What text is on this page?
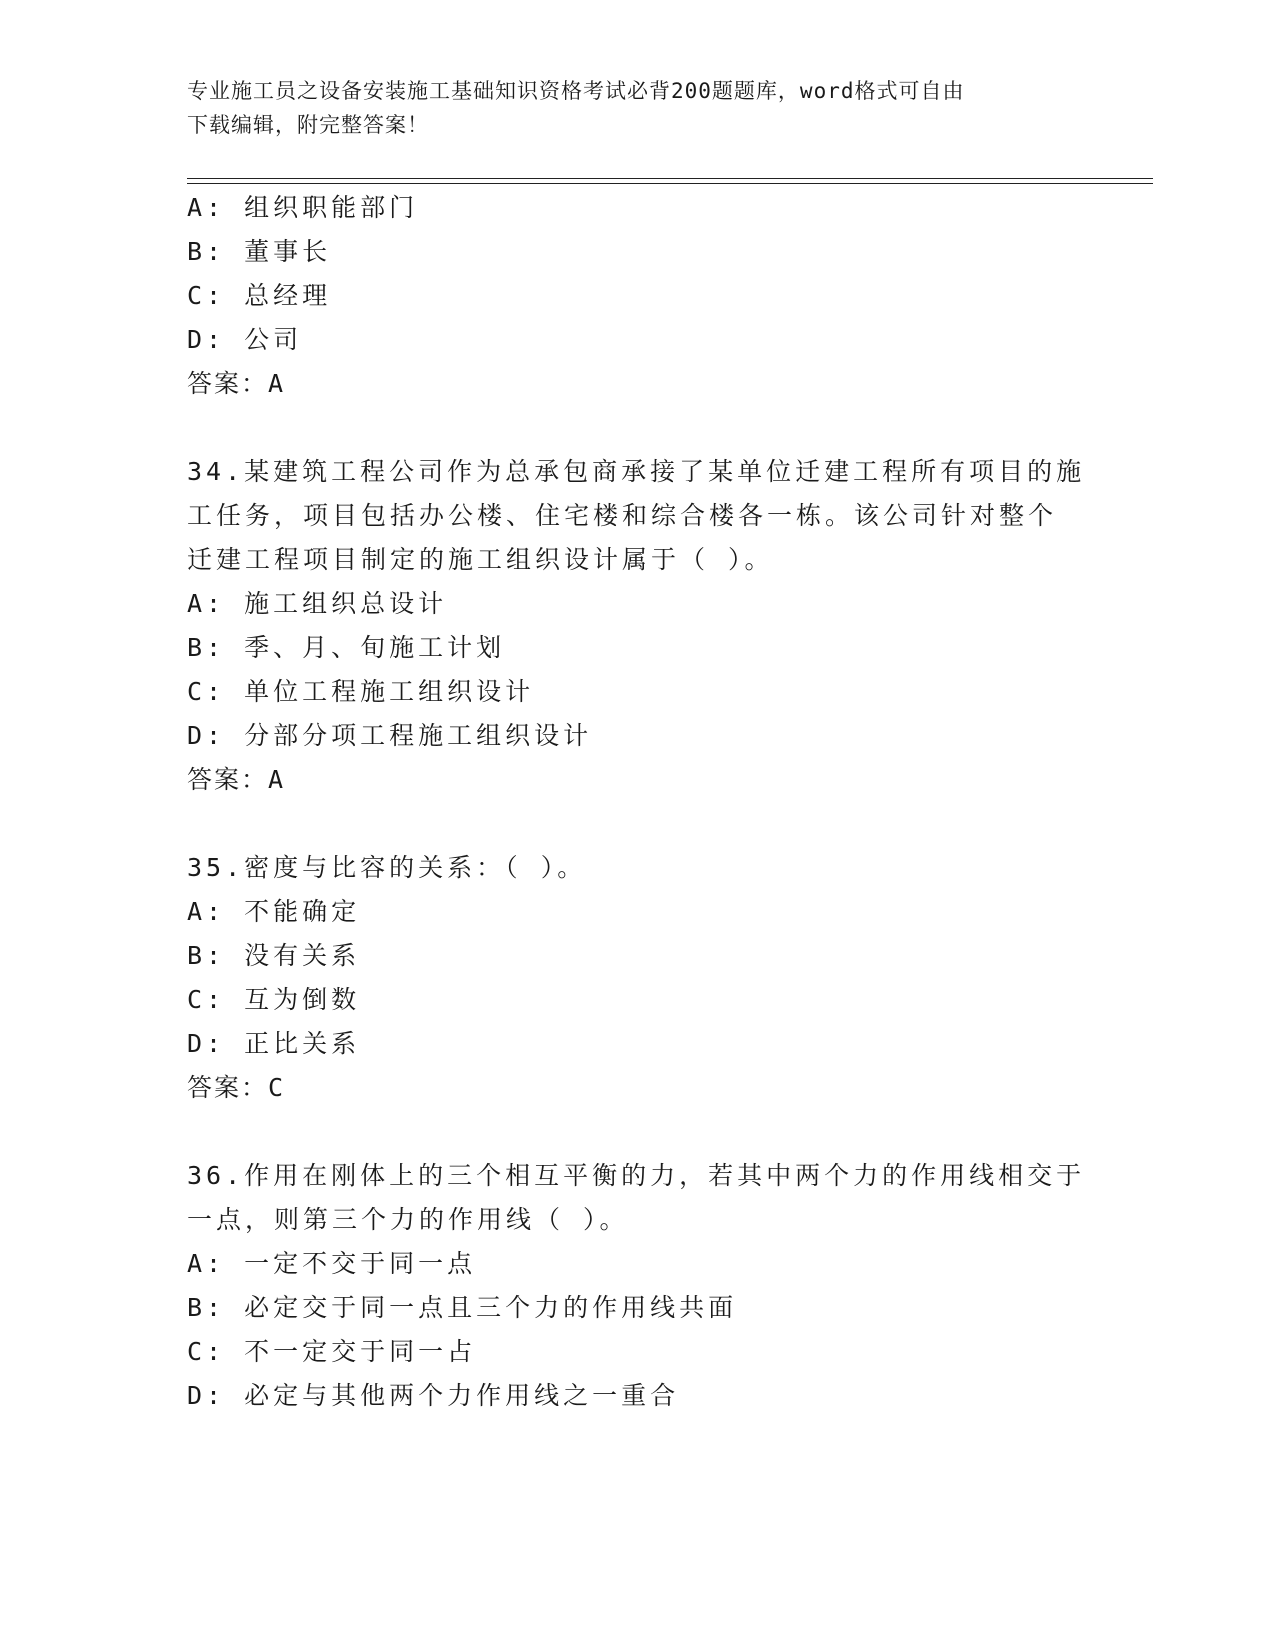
专业施工员之设备安装施工基础知识资格考试必背200题题库，word格式可自由
下载编辑，附完整答案！
A: 组织职能部门
B: 董事长
C: 总经理
D: 公司
答案：A
34.某建筑工程公司作为总承包商承接了某单位迁建工程所有项目的施
工任务，项目包括办公楼、住宅楼和综合楼各一栋。该公司针对整个
迁建工程项目制定的施工组织设计属于（ ）。
A: 施工组织总设计
B: 季、月、旬施工计划
C: 单位工程施工组织设计
D: 分部分项工程施工组织设计
答案：A
35.密度与比容的关系：（ ）。
A: 不能确定
B: 没有关系
C: 互为倒数
D: 正比关系
答案：C
36.作用在刚体上的三个相互平衡的力，若其中两个力的作用线相交于
一点，则第三个力的作用线（ ）。
A: 一定不交于同一点
B: 必定交于同一点且三个力的作用线共面
C: 不一定交于同一占
D: 必定与其他两个力作用线之一重合
